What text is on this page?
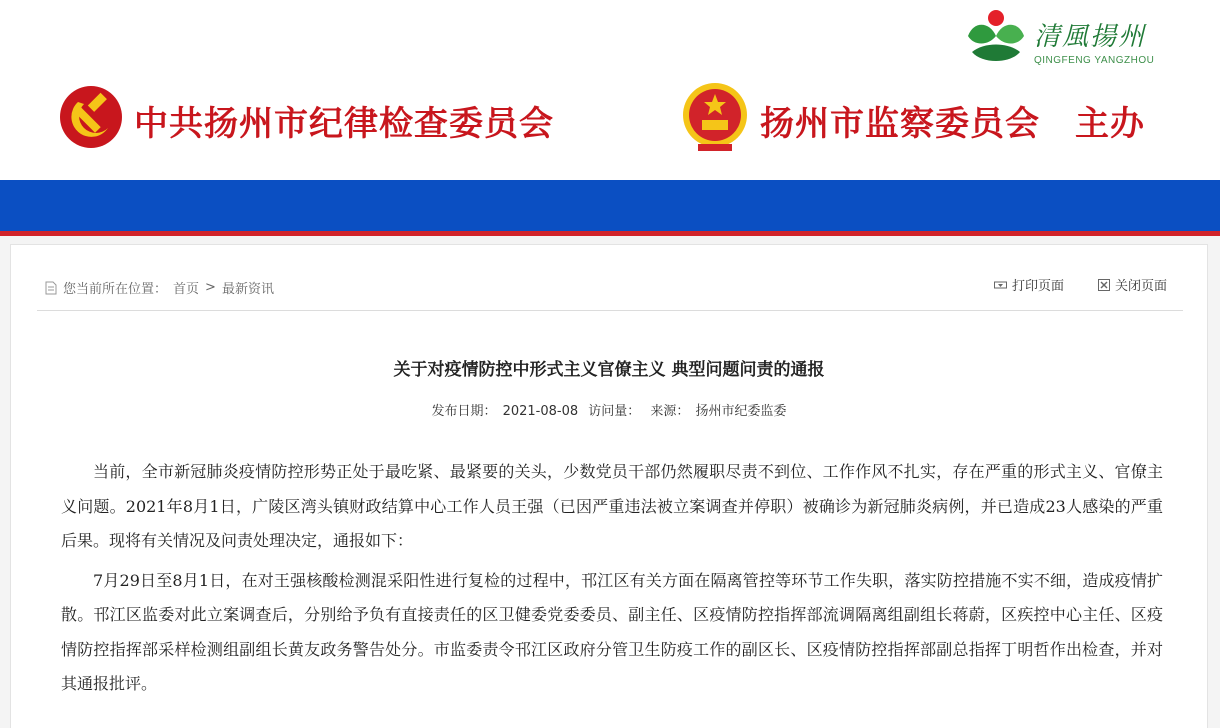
清風揚州
QINGFENG YANGZHOU
中共扬州市纪律检查委员会	扬州市监察委员会　主办
您当前所在位置： 首页 > 最新资讯	打印页面	关闭页面
关于对疫情防控中形式主义官僚主义 典型问题问责的通报
发布日期： 2021-08-08 访问量： 来源： 扬州市纪委监委

当前，全市新冠肺炎疫情防控形势正处于最吃紧、最紧要的关头，少数党员干部仍然履职尽责不到位、工作作风不扎实，存在严重的形式主义、官僚主义问题。2021年8月1日，广陵区湾头镇财政结算中心工作人员王强（已因严重违法被立案调查并停职）被确诊为新冠肺炎病例，并已造成23人感染的严重后果。现将有关情况及问责处理决定，通报如下：

7月29日至8月1日，在对王强核酸检测混采阳性进行复检的过程中，邗江区有关方面在隔离管控等环节工作失职，落实防控措施不实不细，造成疫情扩散。邗江区监委对此立案调查后，分别给予负有直接责任的区卫健委党委委员、副主任、区疫情防控指挥部流调隔离组副组长蒋蔚，区疾控中心主任、区疫情防控指挥部采样检测组副组长黄友政务警告处分。市监委责令邗江区政府分管卫生防疫工作的副区长、区疫情防控指挥部副总指挥丁明哲作出检查，并对其通报批评。
